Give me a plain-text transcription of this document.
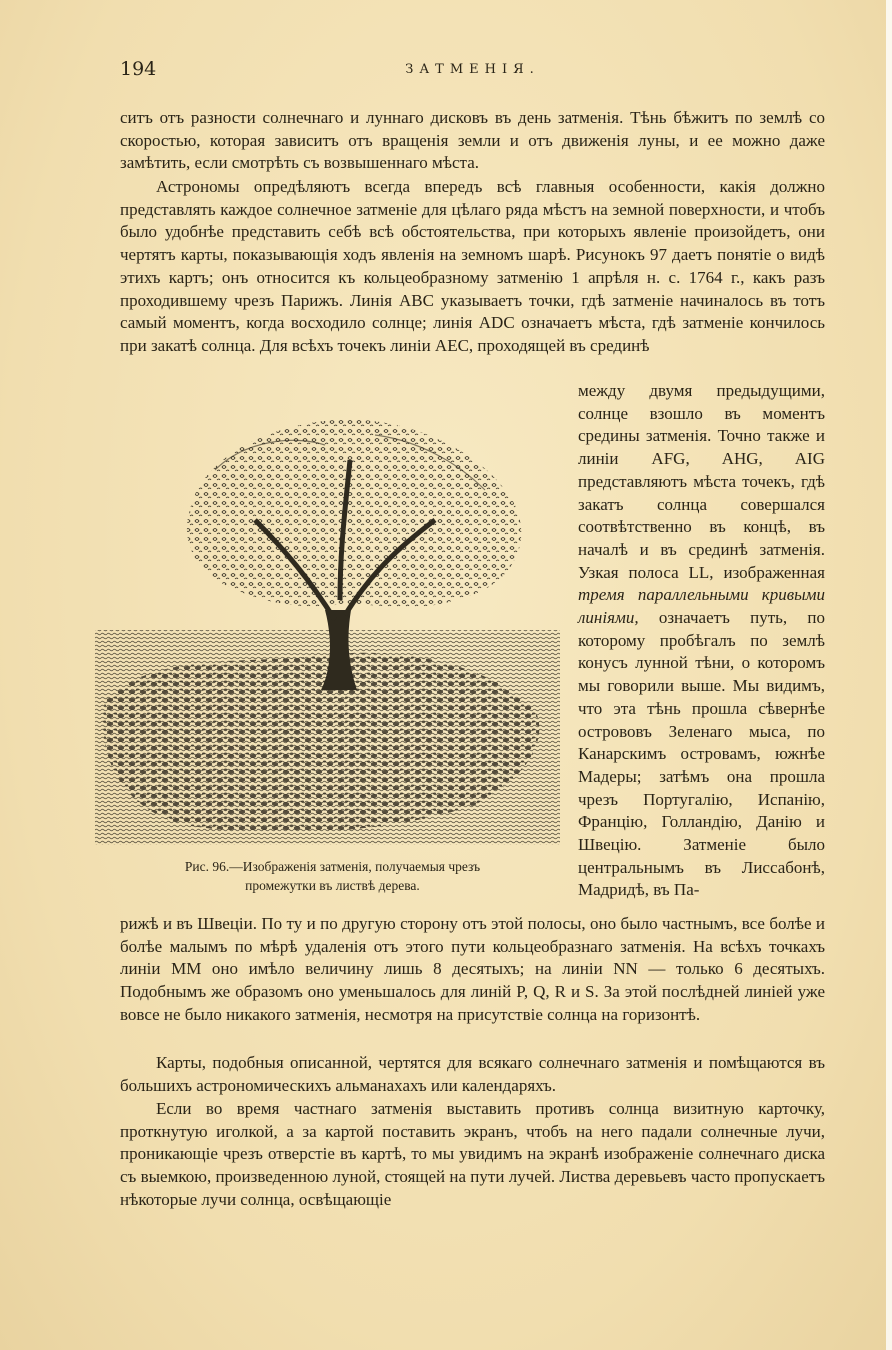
194	ЗАТМЕНІЯ.

ситъ отъ разности солнечнаго и луннаго дисковъ въ день затменія. Тѣнь бѣжитъ по землѣ со скоростью, которая зависитъ отъ вращенія земли и отъ движенія луны, и ее можно даже замѣтить, если смотрѣть съ возвышеннаго мѣста.

Астрономы опредѣляютъ всегда впередъ всѣ главныя особенности, какія должно представлять каждое солнечное затменіе для цѣлаго ряда мѣстъ на земной поверхности, и чтобъ было удобнѣе представить себѣ всѣ обстоятельства, при которыхъ явленіе произойдетъ, они чертятъ карты, показывающія ходъ явленія на земномъ шарѣ. Рисунокъ 97 даетъ понятіе о видѣ этихъ картъ; онъ относится къ кольцеобразному затменію 1 апрѣля н. с. 1764 г., какъ разъ проходившему чрезъ Парижъ. Линія ABC указываетъ точки, гдѣ затменіе начиналось въ тотъ самый моментъ, когда восходило солнце; линія ADC означаетъ мѣста, гдѣ затменіе кончилось при закатѣ солнца. Для всѣхъ точекъ линіи AEC, проходящей въ срединѣ

между двумя предыдущими, солнце взошло въ моментъ средины затменія. Точно также и линіи AFG, AHG, AIG представляютъ мѣста точекъ, гдѣ закатъ солнца совершался соотвѣтственно въ концѣ, въ началѣ и въ срединѣ затменія. Узкая полоса LL, изображенная тремя параллельными кривыми линіями, означаетъ путь, по которому пробѣгалъ по землѣ конусъ лунной тѣни, о которомъ мы говорили выше. Мы видимъ, что эта тѣнь прошла сѣвернѣе острововъ Зеленаго мыса, по Канарскимъ островамъ, южнѣе Мадеры; затѣмъ она прошла чрезъ Португалію, Испанію, Францію, Голландію, Данію и Швецію. Затменіе было центральнымъ въ Лиссабонѣ, Мадридѣ, въ Па-

Рис. 96.—Изображенія затменія, получаемыя чрезъ
промежутки въ листвѣ дерева.

рижѣ и въ Швеціи. По ту и по другую сторону отъ этой полосы, оно было частнымъ, все болѣе и болѣе малымъ по мѣрѣ удаленія отъ этого пути кольцеобразнаго затменія. На всѣхъ точкахъ линіи MM оно имѣло величину лишь 8 десятыхъ; на линіи NN — только 6 десятыхъ. Подобнымъ же образомъ оно уменьшалось для линій P, Q, R и S. За этой послѣдней линіей уже вовсе не было никакого затменія, несмотря на присутствіе солнца на горизонтѣ.

Карты, подобныя описанной, чертятся для всякаго солнечнаго затменія и помѣщаются въ большихъ астрономическихъ альманахахъ или календаряхъ.

Если во время частнаго затменія выставить противъ солнца визитную карточку, проткнутую иголкой, а за картой поставить экранъ, чтобъ на него падали солнечные лучи, проникающіе чрезъ отверстіе въ картѣ, то мы увидимъ на экранѣ изображеніе солнечнаго диска съ выемкою, произведенною луной, стоящей на пути лучей. Листва деревьевъ часто пропускаетъ нѣкоторые лучи солнца, освѣщающіе
